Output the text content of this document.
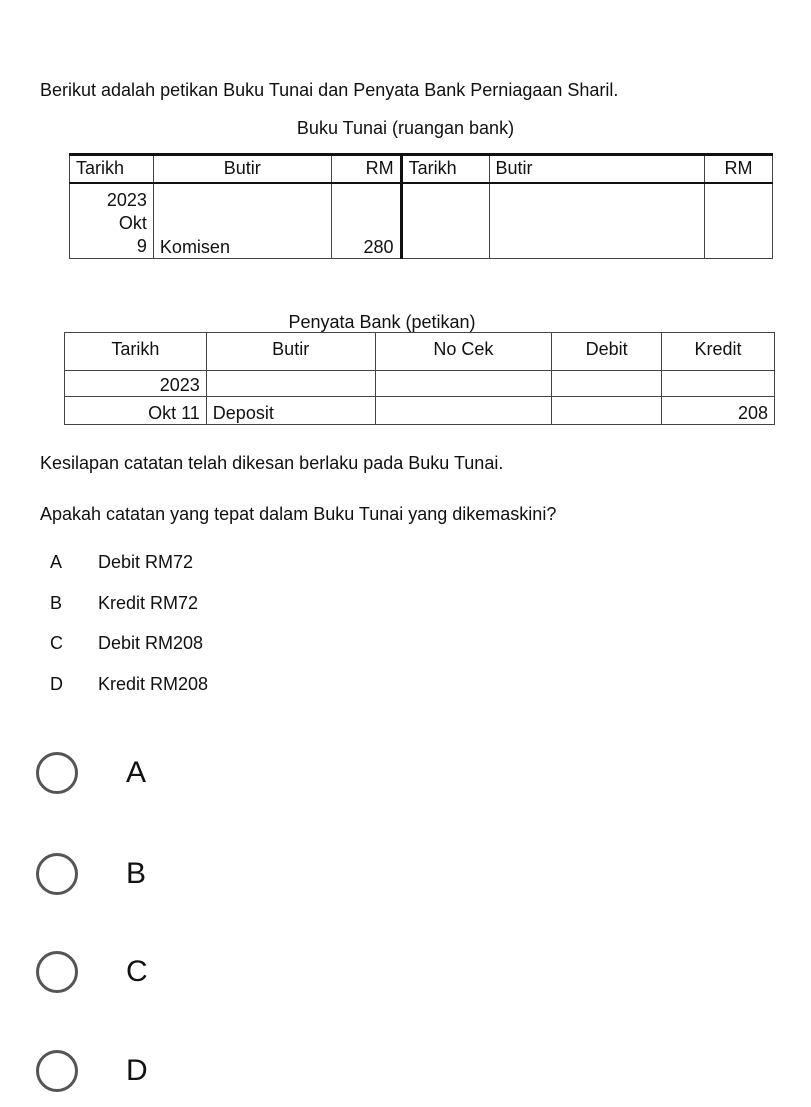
Berikut adalah petikan Buku Tunai dan Penyata Bank Perniagaan Sharil.
Buku Tunai (ruangan bank)
Tarikh	Butir	RM	Tarikh	Butir	RM

2023
Okt
9	Komisen	280			
Penyata Bank (petikan)
Tarikh	Butir	No Cek	Debit	Kredit
2023				
Okt 11	Deposit			208
Kesilapan catatan telah dikesan berlaku pada Buku Tunai.
Apakah catatan yang tepat dalam Buku Tunai yang dikemaskini?
A Debit RM72
B Kredit RM72
C Debit RM208
D Kredit RM208
A
B
C
D
